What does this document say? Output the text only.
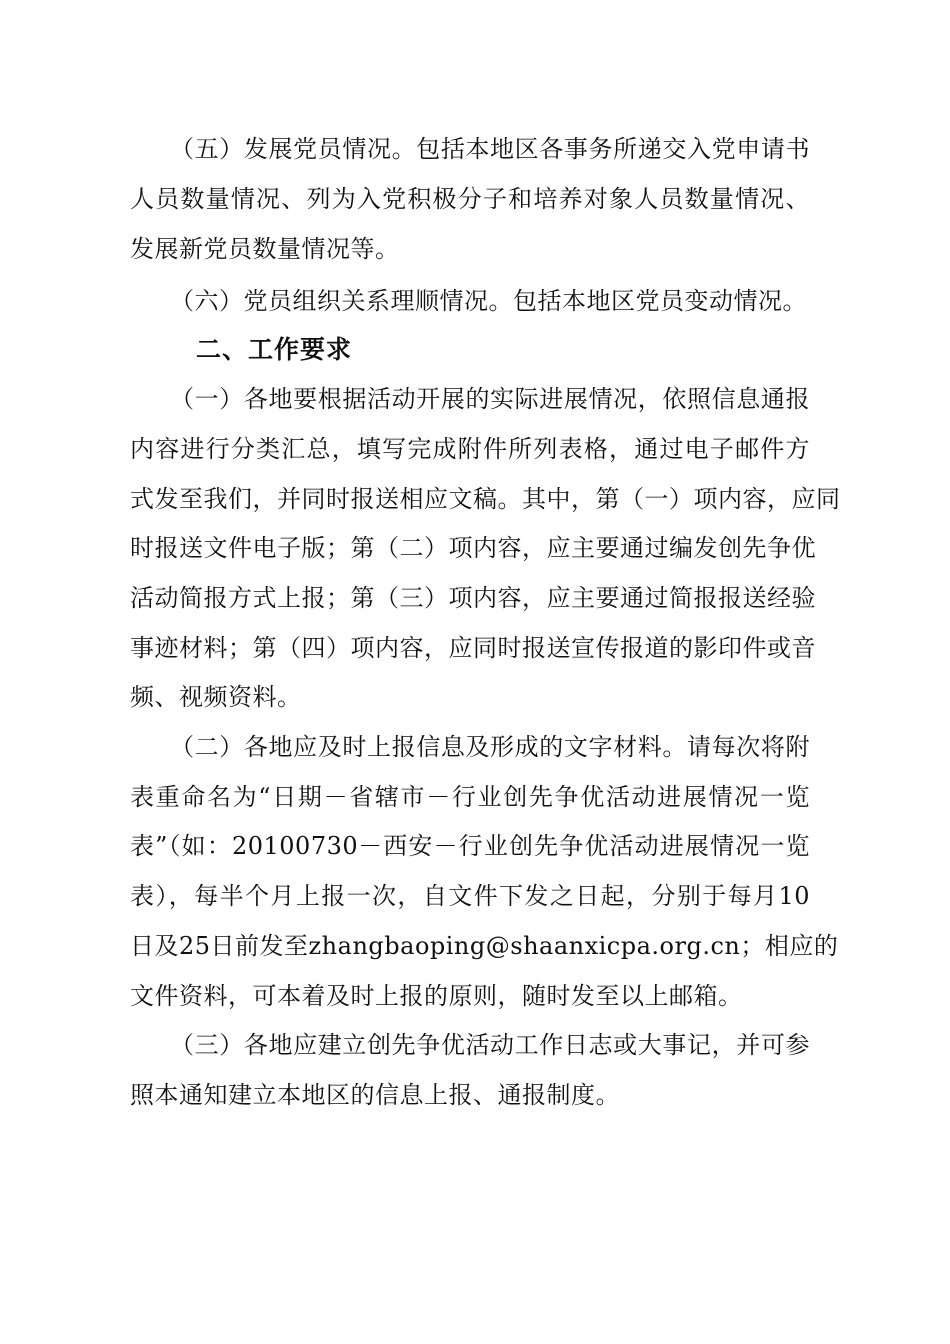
（五）发展党员情况。包括本地区各事务所递交入党申请书
人员数量情况、列为入党积极分子和培养对象人员数量情况、
发展新党员数量情况等。
（六）党员组织关系理顺情况。包括本地区党员变动情况。
二、工作要求
（一）各地要根据活动开展的实际进展情况，依照信息通报
内容进行分类汇总，填写完成附件所列表格，通过电子邮件方
式发至我们，并同时报送相应文稿。其中，第（一）项内容，应同
时报送文件电子版；第（二）项内容，应主要通过编发创先争优
活动简报方式上报；第（三）项内容，应主要通过简报报送经验
事迹材料；第（四）项内容，应同时报送宣传报道的影印件或音
频、视频资料。
（二）各地应及时上报信息及形成的文字材料。请每次将附
表重命名为“日期－省辖市－行业创先争优活动进展情况一览
表”（如：20100730－西安－行业创先争优活动进展情况一览
表），每半个月上报一次，自文件下发之日起，分别于每月10
日及25日前发至zhangbaoping@shaanxicpa.org.cn；相应的
文件资料，可本着及时上报的原则，随时发至以上邮箱。
（三）各地应建立创先争优活动工作日志或大事记，并可参
照本通知建立本地区的信息上报、通报制度。
